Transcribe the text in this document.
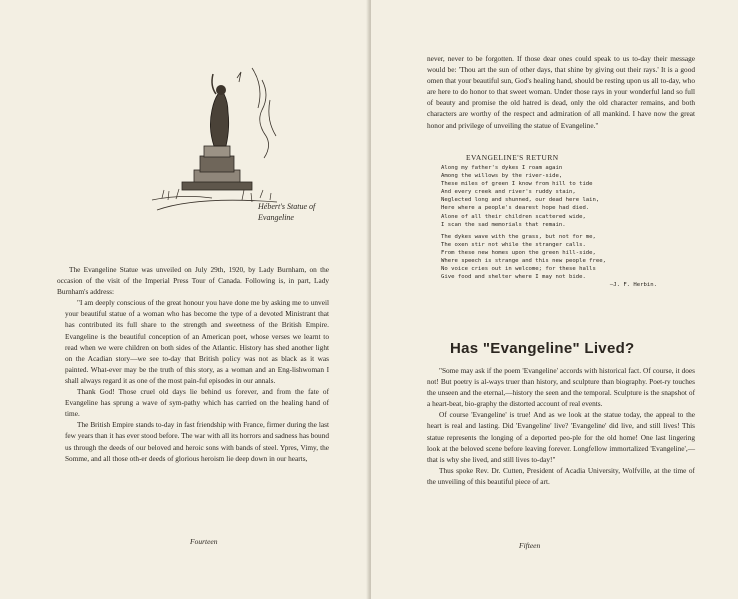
Hébert's Statue of
Evangeline

The Evangeline Statue was unveiled on July 29th, 1920, by Lady Burnham, on the occasion of the visit of the Imperial Press Tour of Canada. Following is, in part, Lady Burnham's address:

"I am deeply conscious of the great honour you have done me by asking me to unveil your beautiful statue of a woman who has become the type of a devoted Ministrant that has contributed its full share to the strength and sweetness of the British Empire. Evangeline is the beautiful conception of an American poet, whose verses we learnt to read when we were children on both sides of the Atlantic. History has shed another light on the Acadian story—we see to-day that British policy was not as black as it was painted. What-ever may be the truth of this story, as a woman and an Eng-lishwoman I shall always regard it as one of the most pain-ful episodes in our annals.

Thank God! Those cruel old days lie behind us forever, and from the fate of Evangeline has sprung a wave of sym-pathy which has carried on the healing hand of time.

The British Empire stands to-day in fast friendship with France, firmer during the last few years than it has ever stood before. The war with all its horrors and sadness has bound us through the deeds of our beloved and heroic sons with bands of steel. Ypres, Vimy, the Somme, and all those oth-er deeds of glorious heroism lie deep down in our hearts,

Fourteen

never, never to be forgotten. If those dear ones could speak to us to-day their message would be: 'Thou art the sun of other days, that shine by giving out their rays.' It is a good omen that your beautiful sun, God's healing hand, should be resting upon us all to-day, who are here to do honor to that sweet woman. Under those rays in your wonderful land so full of beauty and promise the old hatred is dead, only the old character remains, and both characters are worthy of the respect and admiration of all mankind. I have now the great honor and privilege of unveiling the statue of Evangeline."

EVANGELINE'S RETURN
Along my father's dykes I roam again
Among the willows by the river-side,
These miles of green I know from hill to tide
And every creek and river's ruddy stain,
Neglected long and shunned, our dead here lain,
Here where a people's dearest hope had died.
Alone of all their children scattered wide,
I scan the sad memorials that remain.
The dykes wave with the grass, but not for me,
The oxen stir not while the stranger calls.
From these new homes upon the green hill-side,
Where speech is strange and this new people free,
No voice cries out in welcome; for these halls
Give food and shelter where I may not bide.
—J. F. Herbin.
Has "Evangeline" Lived?

"Some may ask if the poem 'Evangeline' accords with historical fact. Of course, it does not! But poetry is al-ways truer than history, and sculpture than biography. Poet-ry touches the unseen and the eternal,—history the seen and the temporal. Sculpture is the snapshot of a heart-beat, bio-graphy the distorted account of real events.

Of course 'Evangeline' is true! And as we look at the statue today, the appeal to the heart is real and lasting. Did 'Evangeline' live? 'Evangeline' did live, and still lives! This statue represents the longing of a deported peo-ple for the old home! One last lingering look at the beloved scene before leaving forever. Longfellow immortalized 'Evangeline',—that is why she lived, and still lives to-day!"

Thus spoke Rev. Dr. Cutten, President of Acadia University, Wolfville, at the time of the unveiling of this beautiful piece of art.

Fifteen
